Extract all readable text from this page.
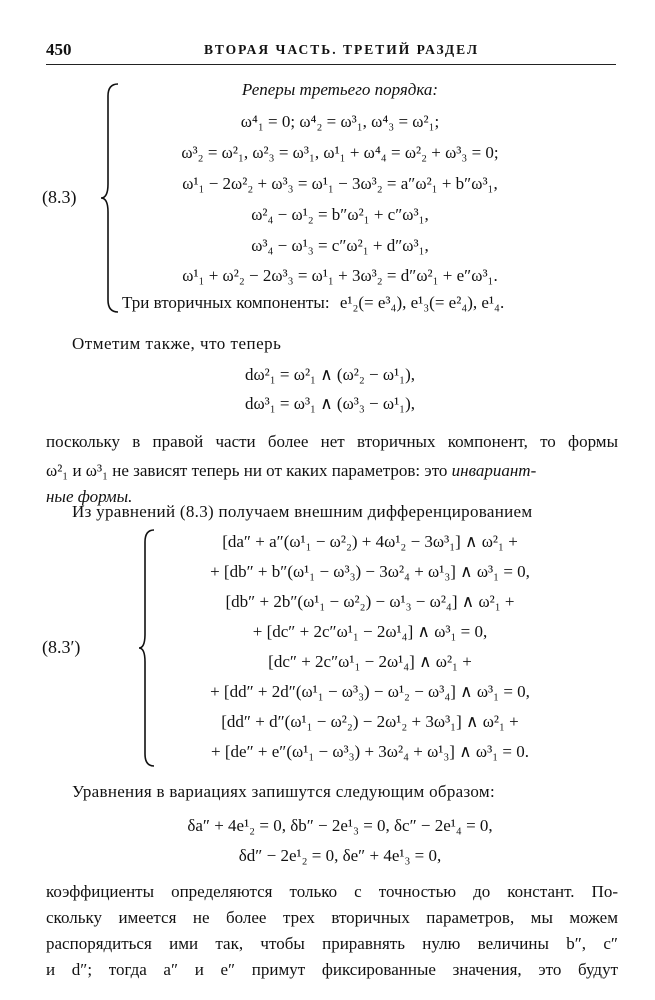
450	ВТОРАЯ ЧАСТЬ. ТРЕТИЙ РАЗДЕЛ
(8.3)
Реперы третьего порядка:
ω⁴₁ = 0; ω⁴₂ = ω³₁, ω⁴₃ = ω²₁;
ω³₂ = ω²₁, ω²₃ = ω³₁, ω¹₁ + ω⁴₄ = ω²₂ + ω³₃ = 0;
ω¹₁ − 2ω²₂ + ω³₃ = ω¹₁ − 3ω³₂ = a″ω²₁ + b″ω³₁,
ω²₄ − ω¹₂ = b″ω²₁ + c″ω³₁,
ω³₄ − ω¹₃ = c″ω²₁ + d″ω³₁,
ω¹₁ + ω²₂ − 2ω³₃ = ω¹₁ + 3ω³₂ = d″ω²₁ + e″ω³₁.
Три вторичных компоненты: e¹₂(= e³₄), e¹₃(= e²₄), e¹₄.
Отметим также, что теперь
dω²₁ = ω²₁ ∧ (ω²₂ − ω¹₁),
dω³₁ = ω³₁ ∧ (ω³₃ − ω¹₁),
поскольку в правой части более нет вторичных компонент, то формы
ω²₁ и ω³₁ не зависят теперь ни от каких параметров: это инвариант-
ные формы.
Из уравнений (8.3) получаем внешним дифференцированием
(8.3′)
[da″ + a″(ω¹₁ − ω²₂) + 4ω¹₂ − 3ω³₁] ∧ ω²₁ +
+ [db″ + b″(ω¹₁ − ω³₃) − 3ω²₄ + ω¹₃] ∧ ω³₁ = 0,
[db″ + 2b″(ω¹₁ − ω²₂) − ω¹₃ − ω²₄] ∧ ω²₁ +
+ [dc″ + 2c″ω¹₁ − 2ω¹₄] ∧ ω³₁ = 0,
[dc″ + 2c″ω¹₁ − 2ω¹₄] ∧ ω²₁ +
+ [dd″ + 2d″(ω¹₁ − ω³₃) − ω¹₂ − ω³₄] ∧ ω³₁ = 0,
[dd″ + d″(ω¹₁ − ω²₂) − 2ω¹₂ + 3ω³₁] ∧ ω²₁ +
+ [de″ + e″(ω¹₁ − ω³₃) + 3ω²₄ + ω¹₃] ∧ ω³₁ = 0.
Уравнения в вариациях запишутся следующим образом:
δa″ + 4e¹₂ = 0, δb″ − 2e¹₃ = 0, δc″ − 2e¹₄ = 0,
δd″ − 2e¹₂ = 0, δe″ + 4e¹₃ = 0,
коэффициенты определяются только с точностью до констант. По-
скольку имеется не более трех вторичных параметров, мы можем
распорядиться ими так, чтобы приравнять нулю величины b″, c″
и d″; тогда a″ и e″ примут фиксированные значения, это будут
